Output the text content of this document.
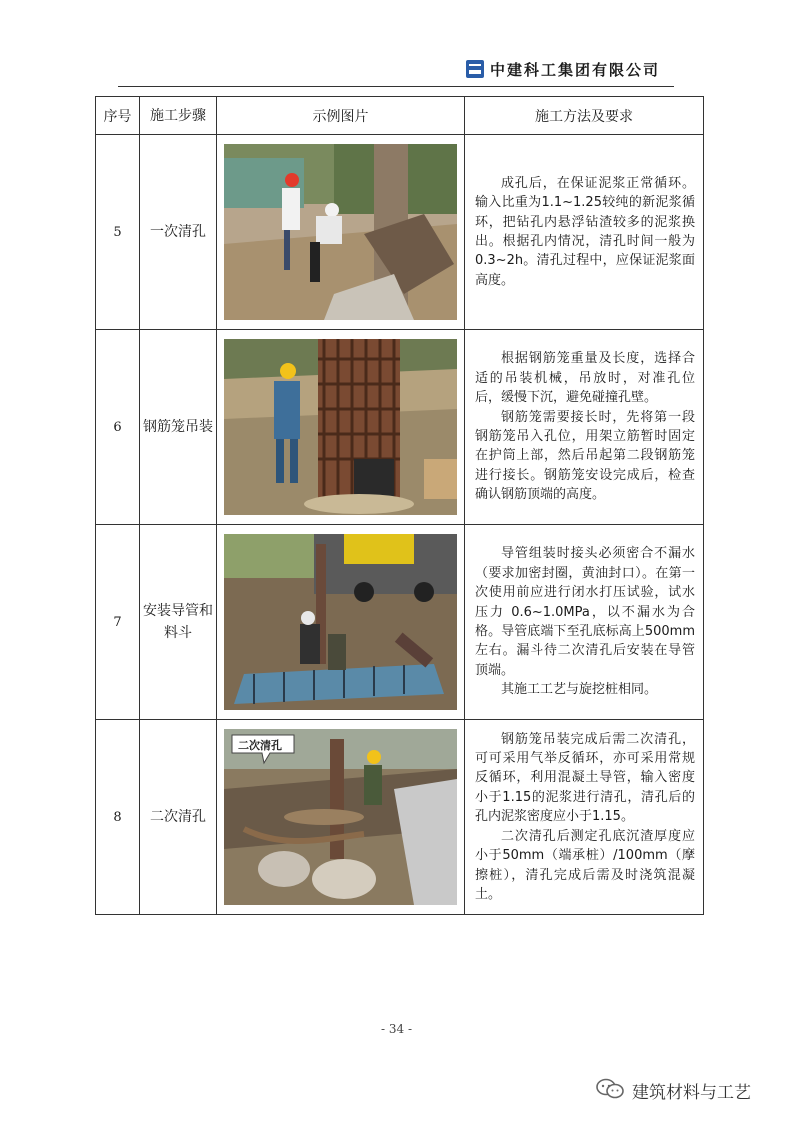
中建科工集团有限公司
序号	施工步骤	示例图片	施工方法及要求
5	一次清孔		成孔后，在保证泥浆正常循环。输入比重为1.1~1.25较纯的新泥浆循环，把钻孔内悬浮钻渣较多的泥浆换出。根据孔内情况，清孔时间一般为0.3~2h。清孔过程中，应保证泥浆面高度。

6	钢筋笼吊装		根据钢筋笼重量及长度，选择合适的吊装机械，吊放时，对准孔位后，缓慢下沉，避免碰撞孔壁。

钢筋笼需要接长时，先将第一段钢筋笼吊入孔位，用架立筋暂时固定在护筒上部，然后吊起第二段钢筋笼进行接长。钢筋笼安设完成后，检查确认钢筋顶端的高度。

7	安装导管和料斗		导管组装时接头必须密合不漏水（要求加密封圈，黄油封口）。在第一次使用前应进行闭水打压试验，试水压力 0.6~1.0MPa，以不漏水为合格。导管底端下至孔底标高上500mm左右。漏斗待二次清孔后安装在导管顶端。

其施工工艺与旋挖桩相同。

8	二次清孔	二次清孔	钢筋笼吊装完成后需二次清孔，可可采用气举反循环，亦可采用常规反循环，利用混凝土导管，输入密度小于1.15的泥浆进行清孔，清孔后的孔内泥浆密度应小于1.15。

二次清孔后测定孔底沉渣厚度应小于50mm（端承桩）/100mm（摩擦桩），清孔完成后需及时浇筑混凝土。

- 34 -
建筑材料与工艺
